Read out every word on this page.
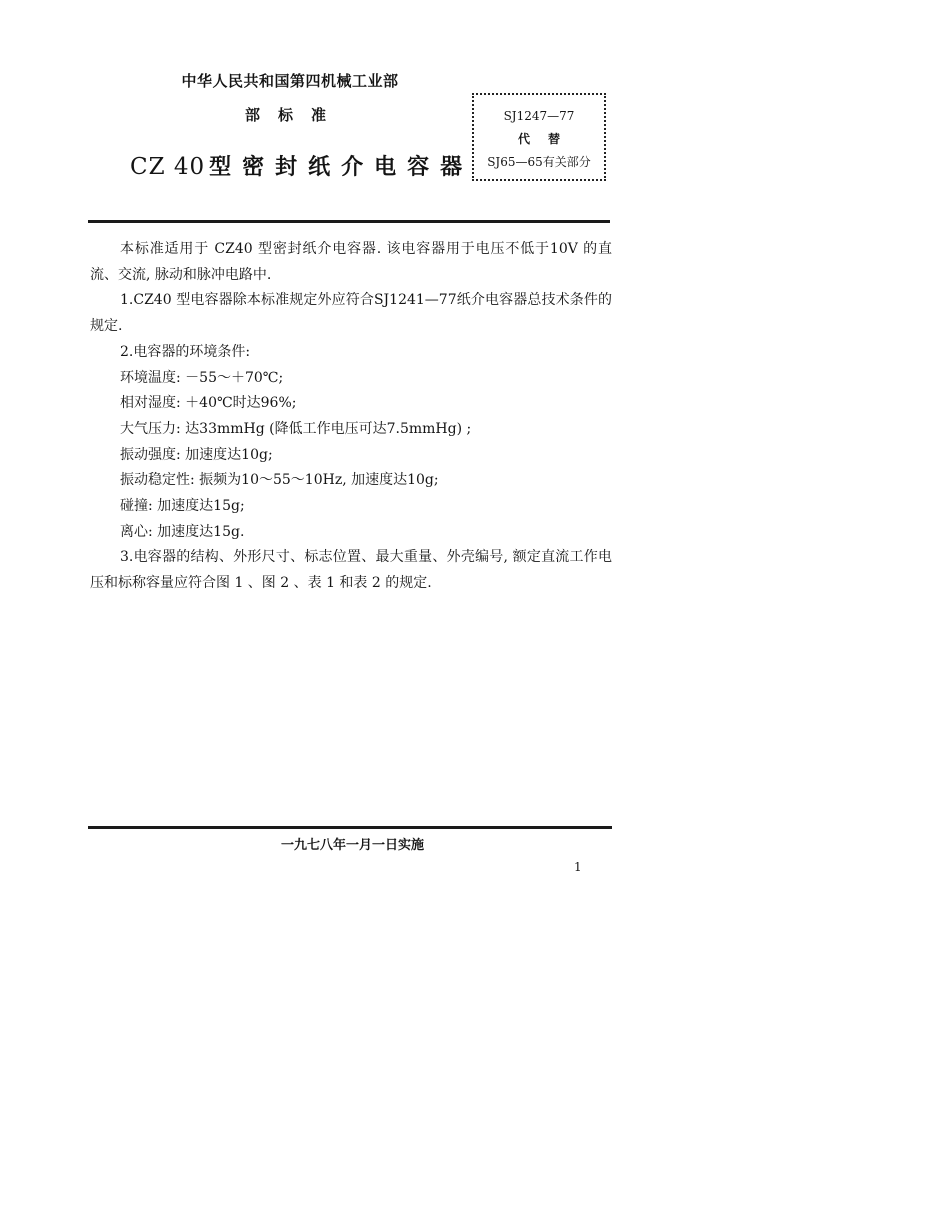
中华人民共和国第四机械工业部
部标准
CZ 40 型密封纸介电容器
SJ1247—77
代替
SJ65—65有关部分

本标准适用于 CZ40 型密封纸介电容器. 该电容器用于电压不低于10V 的直流、交流, 脉动和脉冲电路中.

1.CZ40 型电容器除本标准规定外应符合SJ1241—77纸介电容器总技术条件的规定.

2.电容器的环境条件:

环境温度: －55～＋70℃;

相对湿度: ＋40℃时达96%;

大气压力: 达33mmHg (降低工作电压可达7.5mmHg) ;

振动强度: 加速度达10g;

振动稳定性: 振频为10～55～10Hz, 加速度达10g;

碰撞: 加速度达15g;

离心: 加速度达15g.

3.电容器的结构、外形尺寸、标志位置、最大重量、外壳编号, 额定直流工作电压和标称容量应符合图 1 、图 2 、表 1 和表 2 的规定.

一九七八年一月一日实施
1
